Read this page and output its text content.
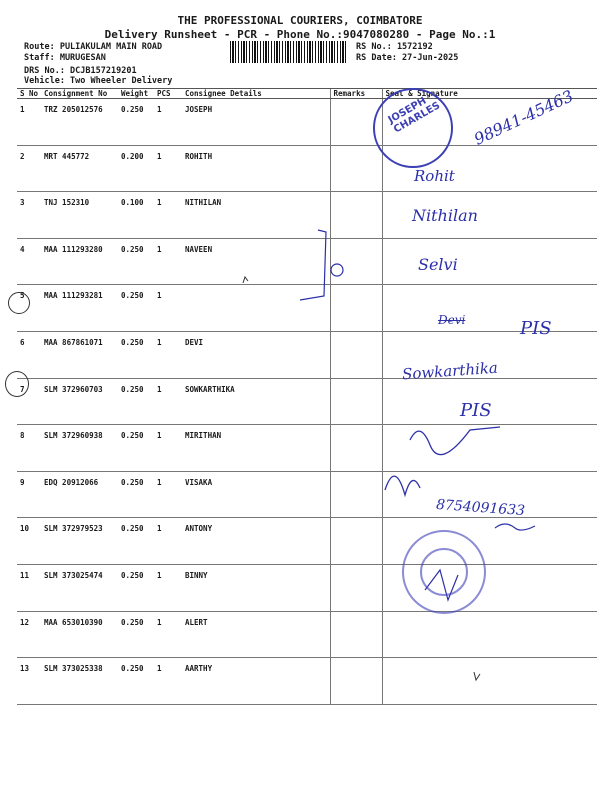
THE PROFESSIONAL COURIERS, COIMBATORE
Delivery Runsheet - PCR - Phone No.:9047080280 - Page No.:1
Route: PULIAKULAM MAIN ROAD
Staff: MURUGESAN
DRS No.: DCJB157219201
Vehicle: Two Wheeler Delivery
RS No.: 1572192
RS Date: 27-Jun-2025
S No	Consignment No	Weight	PCS	Consignee Details	Remarks	Seal & Signature
1	TRZ 205012576	0.250	1	JOSEPH		
2	MRT 445772	0.200	1	ROHITH		
3	TNJ 152310	0.100	1	NITHILAN		
4	MAA 111293280	0.250	1	NAVEEN		
5	MAA 111293281	0.250	1			
6	MAA 867861071	0.250	1	DEVI		
7	SLM 372960703	0.250	1	SOWKARTHIKA		
8	SLM 372960938	0.250	1	MIRITHAN		
9	EDQ 20912066	0.250	1	VISAKA		
10	SLM 372979523	0.250	1	ANTONY		
11	SLM 373025474	0.250	1	BINNY		
12	MAA 653010390	0.250	1	ALERT		
13	SLM 373025338	0.250	1	AARTHY		
JOSEPH CHARLES	98941-45463
Rohit
Nithilan
Selvi
Devi	PIS
Sowkarthika
PIS
8754091633
